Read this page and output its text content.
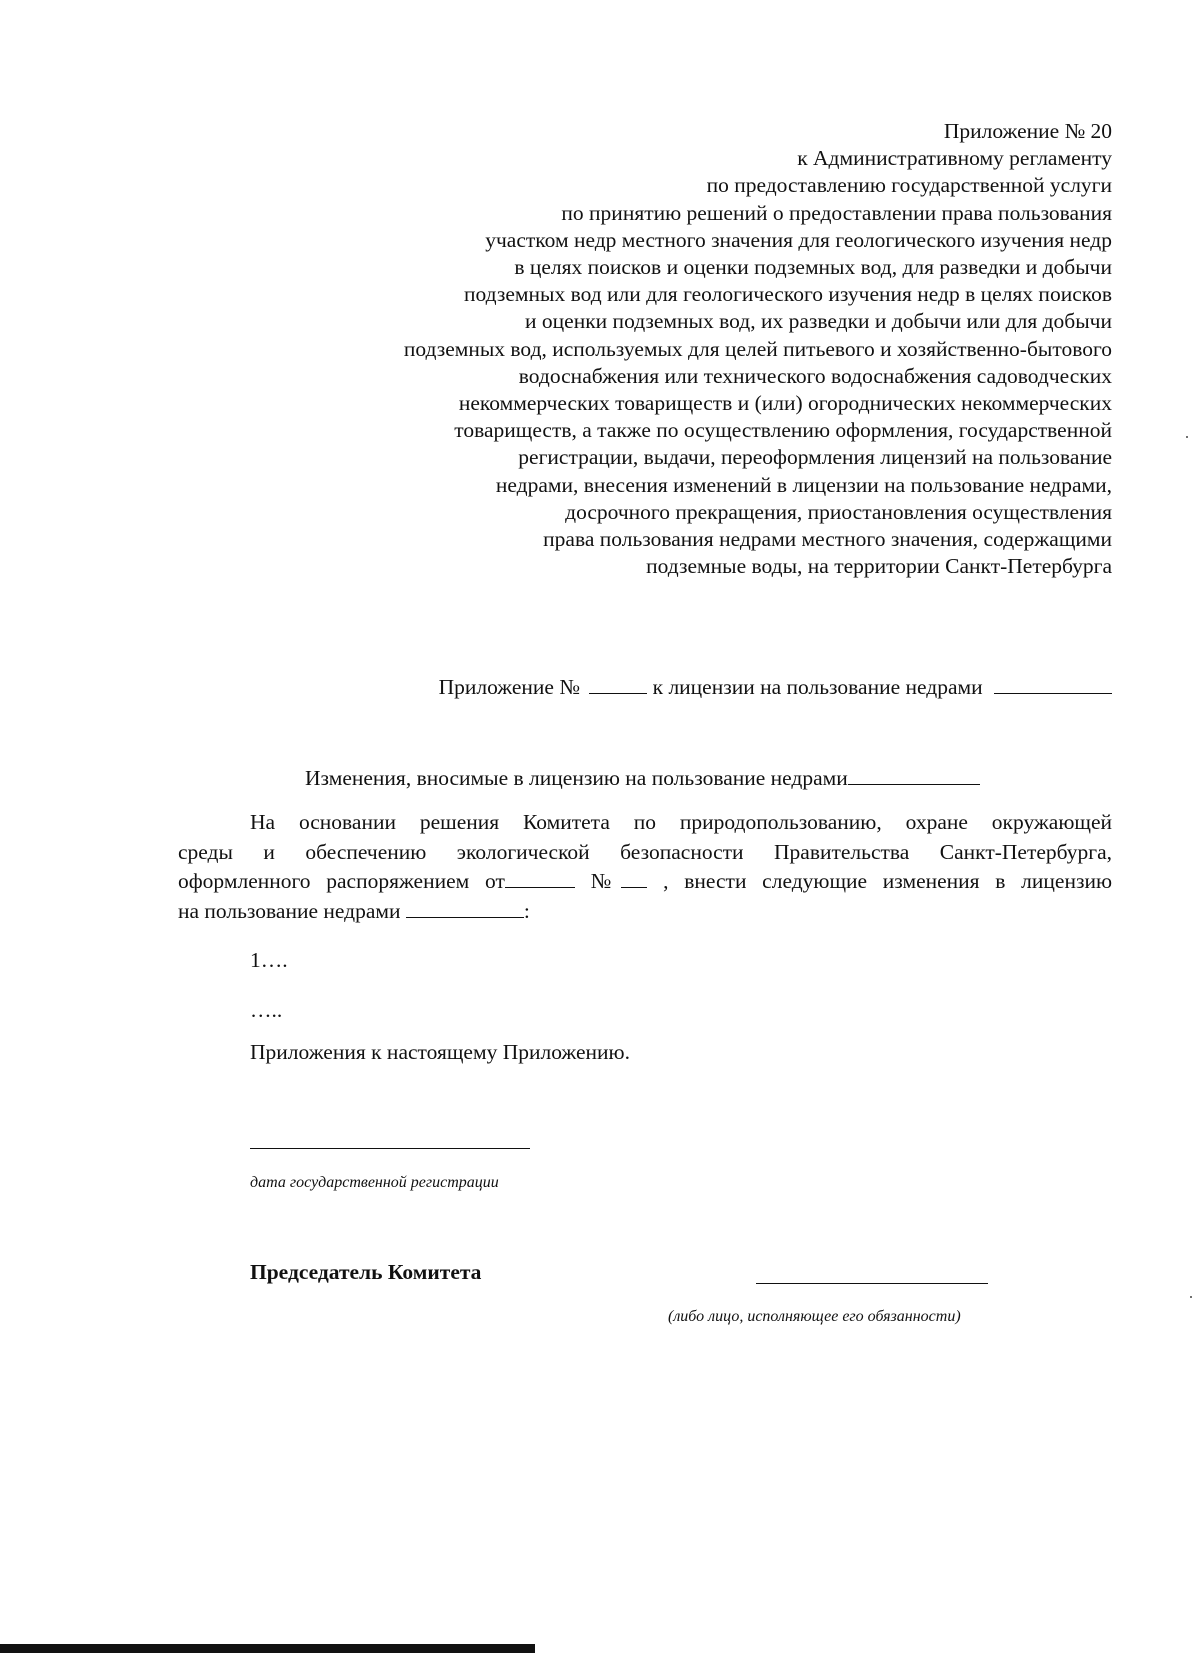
Приложение № 20
к Административному регламенту
по предоставлению государственной услуги
по принятию решений о предоставлении права пользования
участком недр местного значения для геологического изучения недр
в целях поисков и оценки подземных вод, для разведки и добычи
подземных вод или для геологического изучения недр в целях поисков
и оценки подземных вод, их разведки и добычи или для добычи
подземных вод, используемых для целей питьевого и хозяйственно-бытового
водоснабжения или технического водоснабжения садоводческих
некоммерческих товариществ и (или) огороднических некоммерческих
товариществ, а также по осуществлению оформления, государственной
регистрации, выдачи, переоформления лицензий на пользование
недрами, внесения изменений в лицензии на пользование недрами,
досрочного прекращения, приостановления осуществления
права пользования недрами местного значения, содержащими
подземные воды, на территории Санкт-Петербурга
Приложение №	к лицензии на пользование недрами
Изменения, вносимые в лицензию на пользование недрами
На основании решения Комитета по природопользованию, охране окружающей
среды и обеспечению экологической безопасности Правительства Санкт-Петербурга,
оформленного распоряжением от	№ , внести следующие изменения в лицензию
на пользование недрами	:
1….
…..
Приложения к настоящему Приложению.
дата государственной регистрации
Председатель Комитета
(либо лицо, исполняющее его обязанности)
